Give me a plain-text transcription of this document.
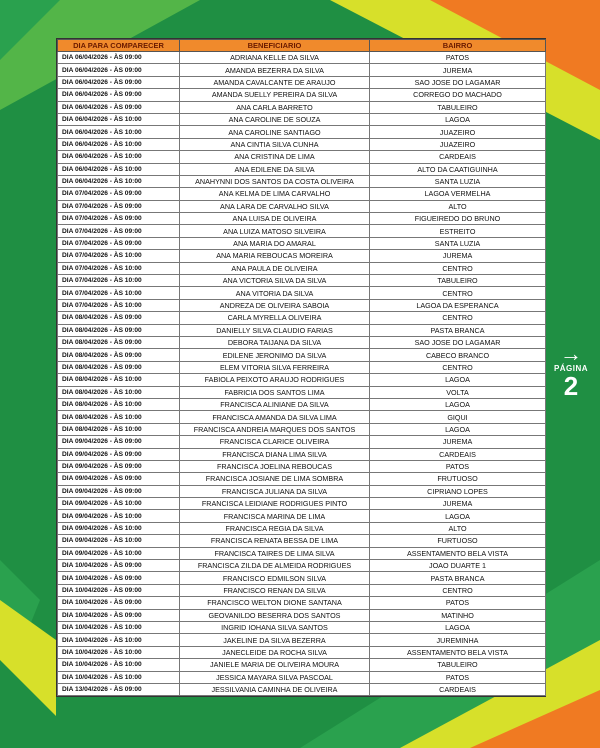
DIA PARA COMPARECER	BENEFICIARIO	BAIRRO
DIA 06/04/2026 - ÀS 09:00	ADRIANA KELLE DA SILVA	PATOS
DIA 06/04/2026 - ÀS 09:00	AMANDA BEZERRA DA SILVA	JUREMA
DIA 06/04/2026 - ÀS 09:00	AMANDA CAVALCANTE DE ARAUJO	SAO JOSE DO LAGAMAR
DIA 06/04/2026 - ÀS 09:00	AMANDA SUELLY PEREIRA DA SILVA	CORREGO DO MACHADO
DIA 06/04/2026 - ÀS 09:00	ANA CARLA BARRETO	TABULEIRO
DIA 06/04/2026 - ÀS 10:00	ANA CAROLINE DE SOUZA	LAGOA
DIA 06/04/2026 - ÀS 10:00	ANA CAROLINE SANTIAGO	JUAZEIRO
DIA 06/04/2026 - ÀS 10:00	ANA CINTIA SILVA CUNHA	JUAZEIRO
DIA 06/04/2026 - ÀS 10:00	ANA CRISTINA DE LIMA	CARDEAIS
DIA 06/04/2026 - ÀS 10:00	ANA EDILENE DA SILVA	ALTO DA CAATIGUINHA
DIA 06/04/2026 - ÀS 10:00	ANAHYNNI DOS SANTOS DA COSTA OLIVEIRA	SANTA LUZIA
DIA 07/04/2026 - ÀS 09:00	ANA KELMA DE LIMA CARVALHO	LAGOA VERMELHA
DIA 07/04/2026 - ÀS 09:00	ANA LARA DE CARVALHO SILVA	ALTO
DIA 07/04/2026 - ÀS 09:00	ANA LUISA DE OLIVEIRA	FIGUEIREDO DO BRUNO
DIA 07/04/2026 - ÀS 09:00	ANA LUIZA MATOSO SILVEIRA	ESTREITO
DIA 07/04/2026 - ÀS 09:00	ANA MARIA DO AMARAL	SANTA LUZIA
DIA 07/04/2026 - ÀS 10:00	ANA MARIA REBOUCAS MOREIRA	JUREMA
DIA 07/04/2026 - ÀS 10:00	ANA PAULA DE OLIVEIRA	CENTRO
DIA 07/04/2026 - ÀS 10:00	ANA VICTORIA SILVA DA SILVA	TABULEIRO
DIA 07/04/2026 - ÀS 10:00	ANA VITORIA DA SILVA	CENTRO
DIA 07/04/2026 - ÀS 10:00	ANDREZA DE OLIVEIRA SABOIA	LAGOA DA ESPERANCA
DIA 08/04/2026 - ÀS 09:00	CARLA MYRELLA OLIVEIRA	CENTRO
DIA 08/04/2026 - ÀS 09:00	DANIELLY SILVA CLAUDIO FARIAS	PASTA BRANCA
DIA 08/04/2026 - ÀS 09:00	DEBORA TAIJANA DA SILVA	SAO JOSE DO LAGAMAR
DIA 08/04/2026 - ÀS 09:00	EDILENE JERONIMO DA SILVA	CABECO BRANCO
DIA 08/04/2026 - ÀS 09:00	ELEM VITORIA SILVA FERREIRA	CENTRO
DIA 08/04/2026 - ÀS 10:00	FABIOLA PEIXOTO ARAUJO RODRIGUES	LAGOA
DIA 08/04/2026 - ÀS 10:00	FABRICIA DOS SANTOS LIMA	VOLTA
DIA 08/04/2026 - ÀS 10:00	FRANCISCA ALINIANE DA SILVA	LAGOA
DIA 08/04/2026 - ÀS 10:00	FRANCISCA AMANDA DA SILVA LIMA	GIQUI
DIA 08/04/2026 - ÀS 10:00	FRANCISCA ANDREIA MARQUES DOS SANTOS	LAGOA
DIA 09/04/2026 - ÀS 09:00	FRANCISCA CLARICE OLIVEIRA	JUREMA
DIA 09/04/2026 - ÀS 09:00	FRANCISCA DIANA LIMA SILVA	CARDEAIS
DIA 09/04/2026 - ÀS 09:00	FRANCISCA JOELINA REBOUCAS	PATOS
DIA 09/04/2026 - ÀS 09:00	FRANCISCA JOSIANE DE LIMA SOMBRA	FRUTUOSO
DIA 09/04/2026 - ÀS 09:00	FRANCISCA JULIANA DA SILVA	CIPRIANO LOPES
DIA 09/04/2026 - ÀS 10:00	FRANCISCA LEIDIANE RODRIGUES PINTO	JUREMA
DIA 09/04/2026 - ÀS 10:00	FRANCISCA MARINA DE LIMA	LAGOA
DIA 09/04/2026 - ÀS 10:00	FRANCISCA REGIA DA SILVA	ALTO
DIA 09/04/2026 - ÀS 10:00	FRANCISCA RENATA BESSA DE LIMA	FURTUOSO
DIA 09/04/2026 - ÀS 10:00	FRANCISCA TAIRES DE LIMA SILVA	ASSENTAMENTO BELA VISTA
DIA 10/04/2026 - ÀS 09:00	FRANCISCA ZILDA DE ALMEIDA RODRIGUES	JOAO DUARTE 1
DIA 10/04/2026 - ÀS 09:00	FRANCISCO EDMILSON SILVA	PASTA BRANCA
DIA 10/04/2026 - ÀS 09:00	FRANCISCO RENAN DA SILVA	CENTRO
DIA 10/04/2026 - ÀS 09:00	FRANCISCO WELTON DIONE SANTANA	PATOS
DIA 10/04/2026 - ÀS 09:00	GEOVANILDO BESERRA DOS SANTOS	MATINHO
DIA 10/04/2026 - ÀS 10:00	INGRID IOHANA SILVA SANTOS	LAGOA
DIA 10/04/2026 - ÀS 10:00	JAKELINE DA SILVA BEZERRA	JUREMINHA
DIA 10/04/2026 - ÀS 10:00	JANECLEIDE DA ROCHA SILVA	ASSENTAMENTO BELA VISTA
DIA 10/04/2026 - ÀS 10:00	JANIELE MARIA DE OLIVEIRA MOURA	TABULEIRO
DIA 10/04/2026 - ÀS 10:00	JESSICA MAYARA SILVA PASCOAL	PATOS
DIA 13/04/2026 - ÀS 09:00	JESSILVANIA CAMINHA DE OLIVEIRA	CARDEAIS
→
PÁGINA
2
